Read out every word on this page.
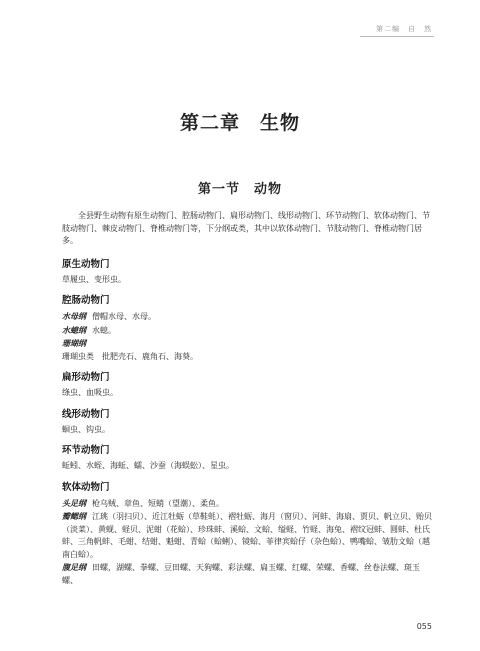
第二编　自　然
第二章　生物
第一节　动物

全县野生动物有原生动物门、腔肠动物门、扁形动物门、线形动物门、环节动物门、软体动物门、节肢动物门、棘皮动物门、脊椎动物门等，下分纲或类，其中以软体动物门、节肢动物门、脊椎动物门居多。

原生动物门
草履虫、变形虫。
腔肠动物门

水母纲 僧帽水母、水母。

水螅纲 水螅。

珊瑚纲

珊瑚虫类　批肥壳石、鹿角石、海葵。
扁形动物门
绦虫、血吸虫。
线形动物门
蛔虫、钩虫。
环节动物门
蚯蚓、水蛭、海蚯、蠕、沙蚕（海蜈蚣）、星虫。
软体动物门

头足纲 枪乌贼、章鱼、短蛸（望潮）、柔鱼。

瓣鳃纲 江珧（羽扫贝）、近江牡蛎（草鞋蚝）、褶牡蛎、海月（窗贝）、河蚌、海扇、贾贝、帆立贝、贻贝（淡菜）、黄蚬、蛏贝、泥蚶（花蛤）、珍珠蚌、溪蛤、文蛤、缢蛏、竹蛏、海兔、褶纹冠蚌、圆蚌、杜氏蚌、三角帆蚌、毛蚶、结蚶、魁蚶、青蛤（蛤蜊）、镜蛤、菲律宾蛤仔（杂色蛤）、鸭嘴蛤、皱肋文蛤（越南白蛤）。

腹足纲 田螺，湖螺、拳螺、豆田螺、天狗螺、彩法螺、扁玉螺、红螺、荣螺、香螺、丝卷法螺、斑玉螺、

055
